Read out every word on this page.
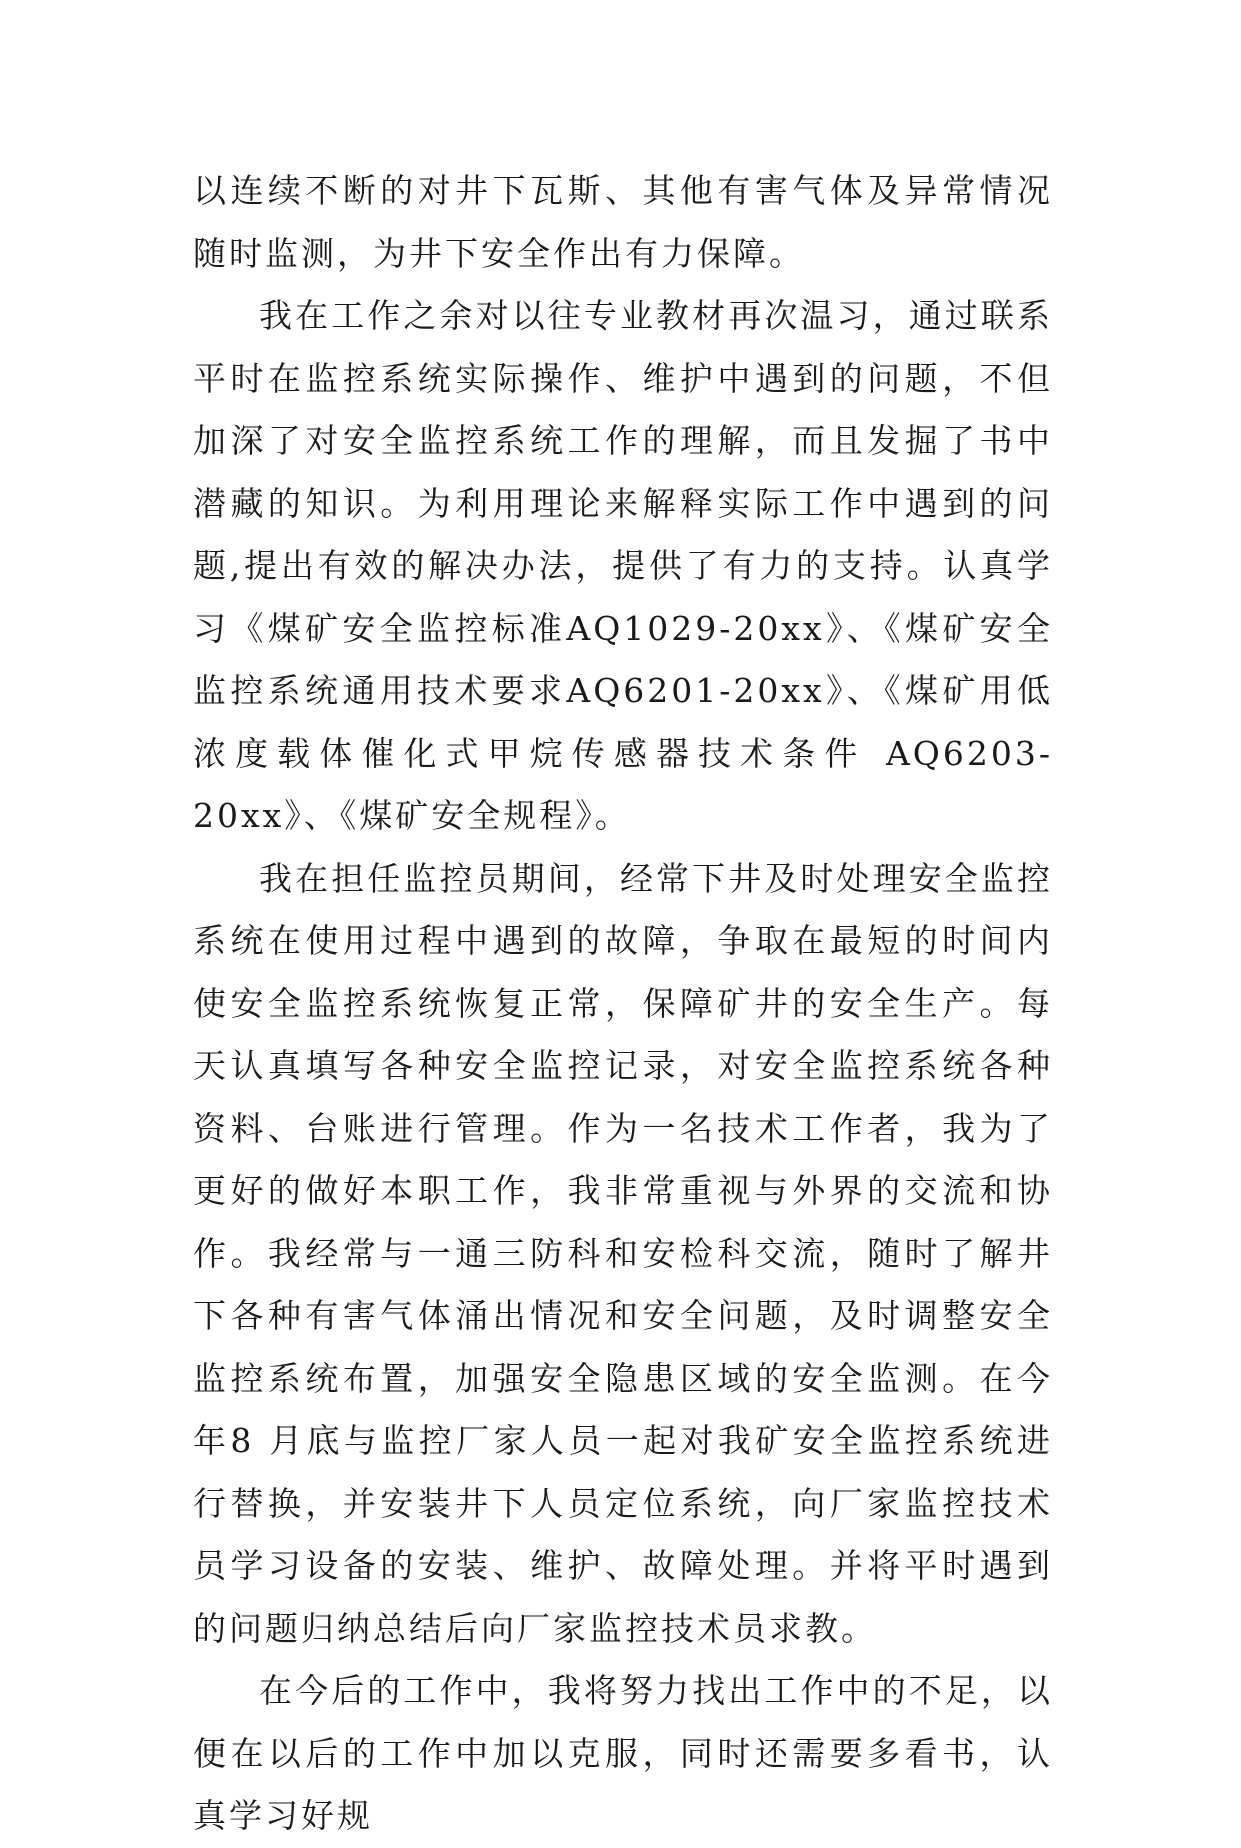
以连续不断的对井下瓦斯、其他有害气体及异常情况随时监测，为井下安全作出有力保障。

我在工作之余对以往专业教材再次温习，通过联系平时在监控系统实际操作、维护中遇到的问题，不但加深了对安全监控系统工作的理解，而且发掘了书中潜藏的知识。为利用理论来解释实际工作中遇到的问题,提出有效的解决办法，提供了有力的支持。认真学习《煤矿安全监控标准AQ1029-20xx》、《煤矿安全监控系统通用技术要求AQ6201-20xx》、《煤矿用低浓度载体催化式甲烷传感器技术条件 AQ6203-20xx》、《煤矿安全规程》。

我在担任监控员期间，经常下井及时处理安全监控系统在使用过程中遇到的故障，争取在最短的时间内使安全监控系统恢复正常，保障矿井的安全生产。每天认真填写各种安全监控记录，对安全监控系统各种资料、台账进行管理。作为一名技术工作者，我为了更好的做好本职工作，我非常重视与外界的交流和协作。我经常与一通三防科和安检科交流，随时了解井下各种有害气体涌出情况和安全问题，及时调整安全监控系统布置，加强安全隐患区域的安全监测。在今年8 月底与监控厂家人员一起对我矿安全监控系统进行替换，并安装井下人员定位系统，向厂家监控技术员学习设备的安装、维护、故障处理。并将平时遇到的问题归纳总结后向厂家监控技术员求教。

在今后的工作中，我将努力找出工作中的不足，以便在以后的工作中加以克服，同时还需要多看书，认真学习好规
